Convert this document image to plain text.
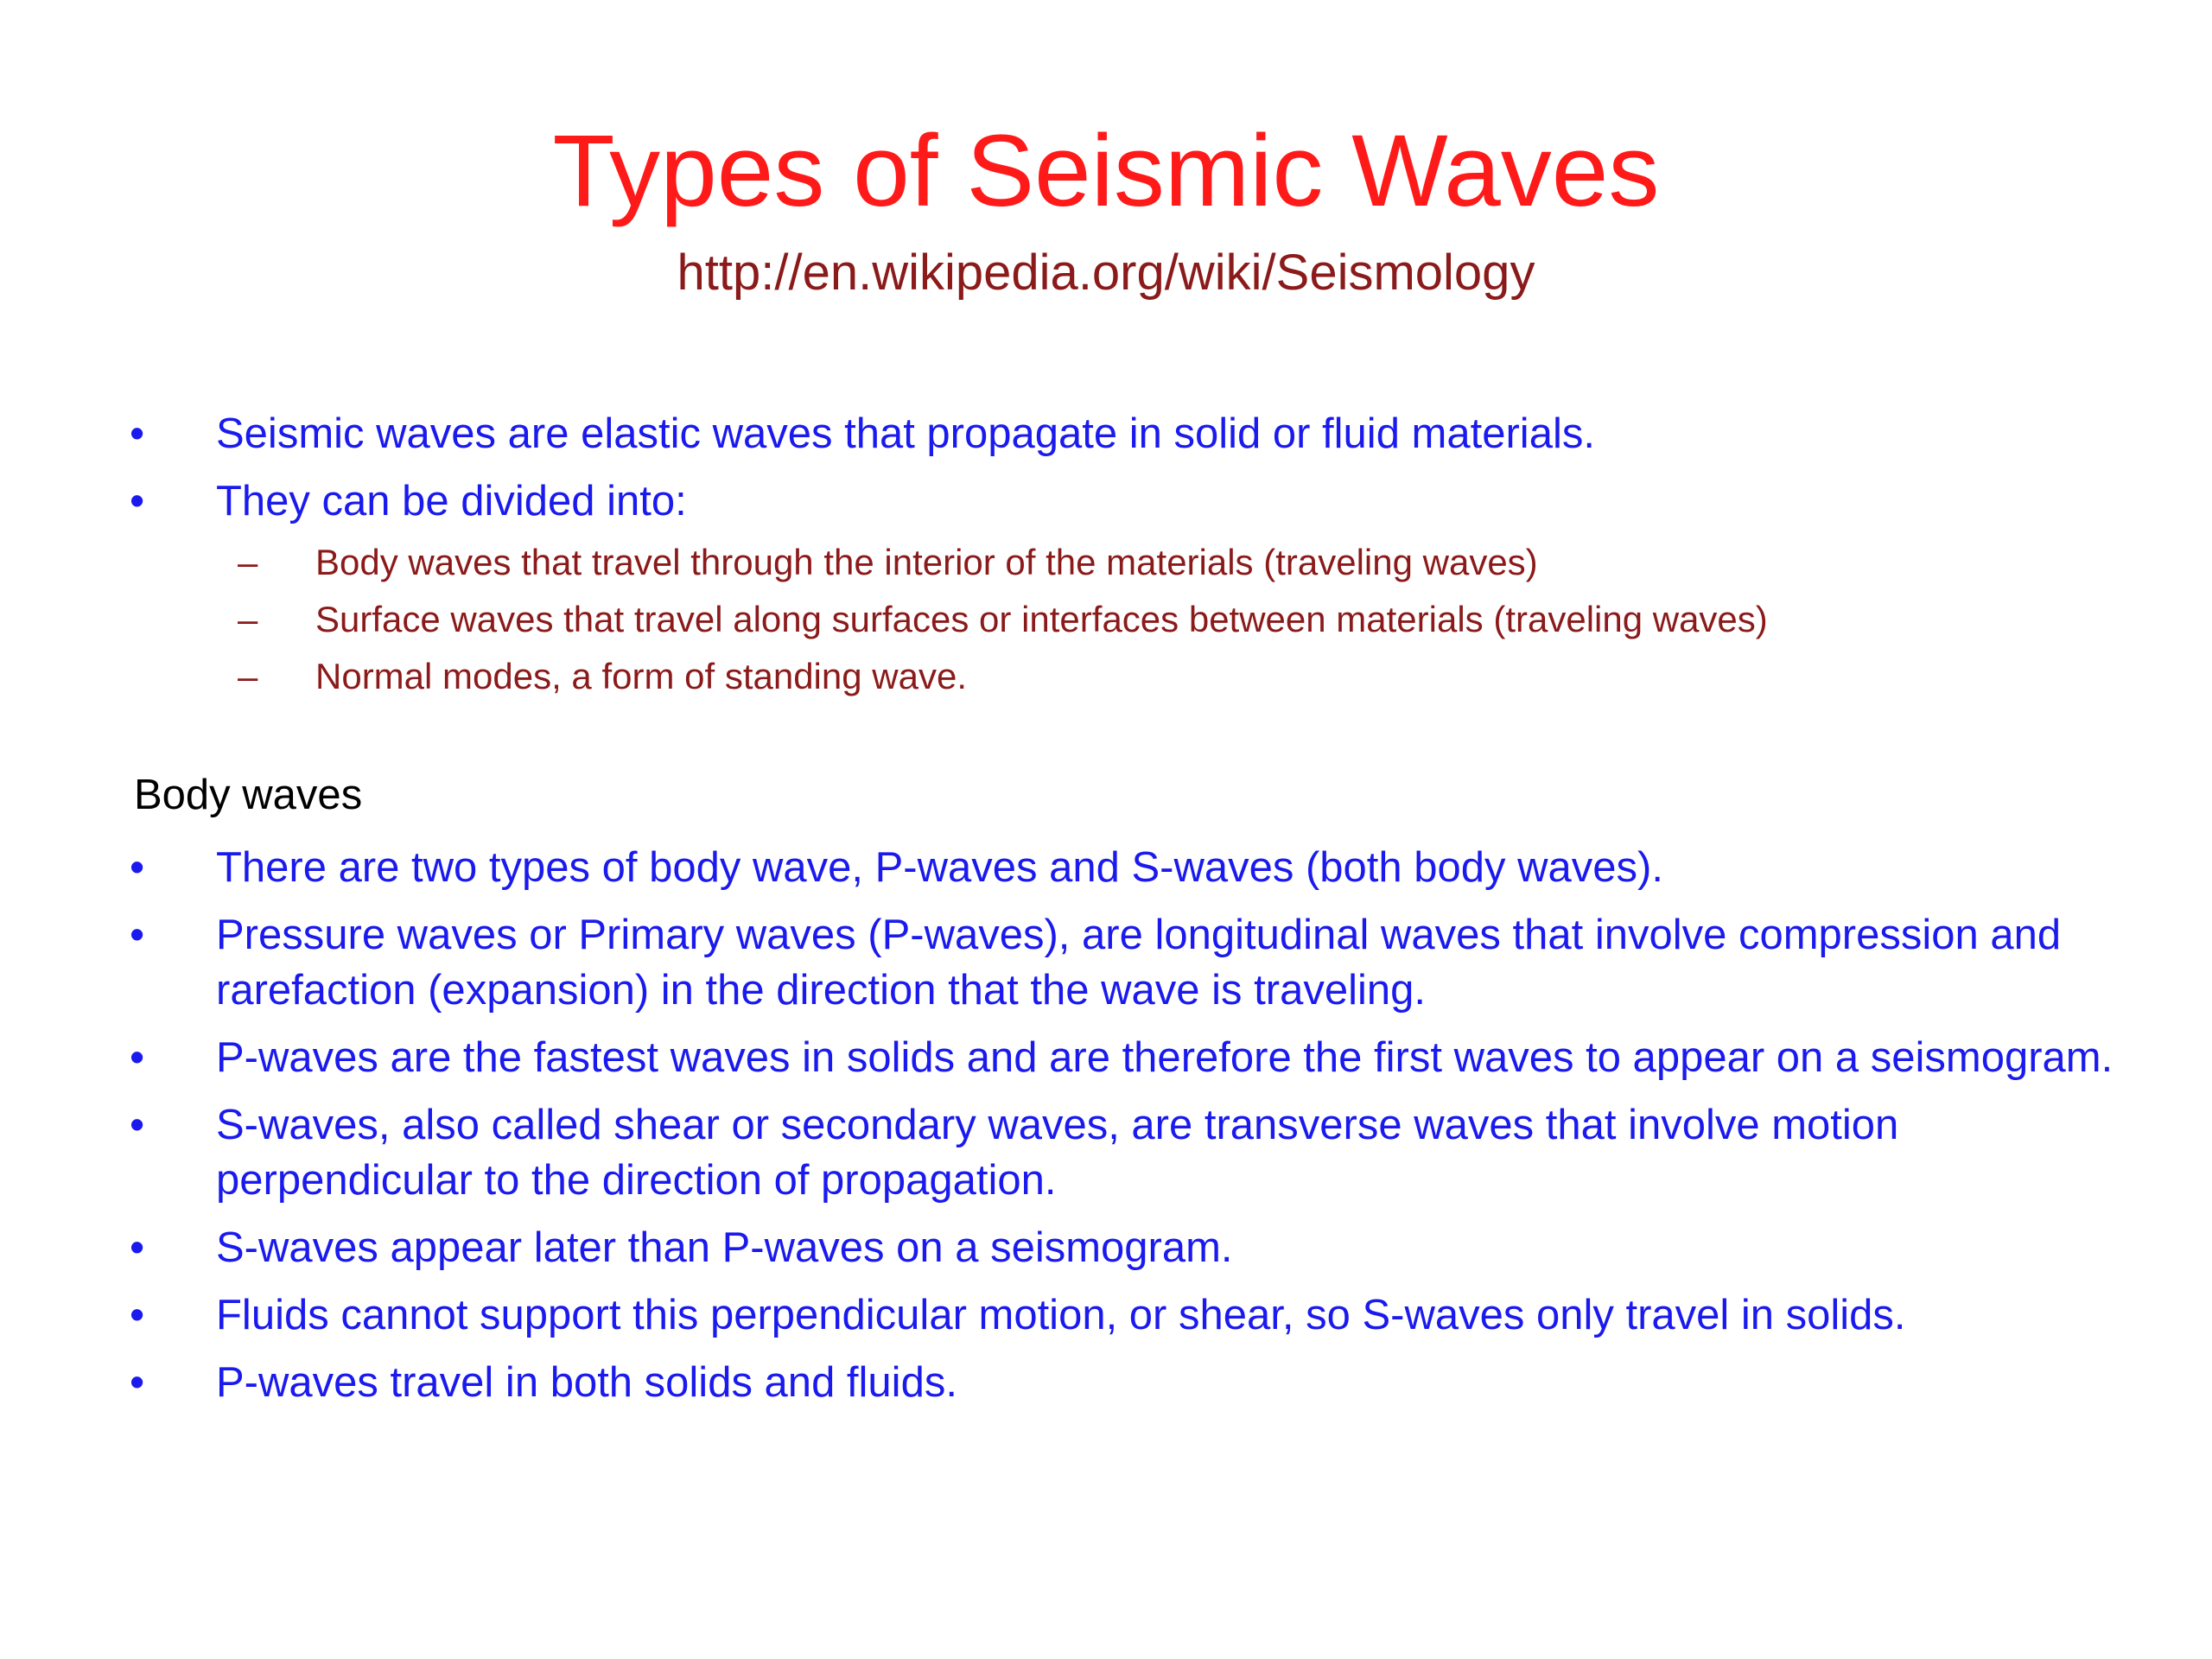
Types of Seismic Waves
http://en.wikipedia.org/wiki/Seismology
•	Seismic waves are elastic waves that propagate in solid or fluid materials.
•	They can be divided into:
– Body waves that travel through the interior of the materials (traveling waves)
– Surface waves that travel along surfaces or interfaces between materials (traveling waves)
– Normal modes, a form of standing wave.
Body waves
•	There are two types of body wave, P-waves and S-waves (both body waves).
•	Pressure waves or Primary waves (P-waves), are longitudinal waves that involve compression and rarefaction (expansion) in the direction that the wave is traveling.
•	P-waves are the fastest waves in solids and are therefore the first waves to appear on a seismogram.
•	S-waves, also called shear or secondary waves, are transverse waves that involve motion perpendicular to the direction of propagation.
•	S-waves appear later than P-waves on a seismogram.
•	Fluids cannot support this perpendicular motion, or shear, so S-waves only travel in solids.
•	P-waves travel in both solids and fluids.
